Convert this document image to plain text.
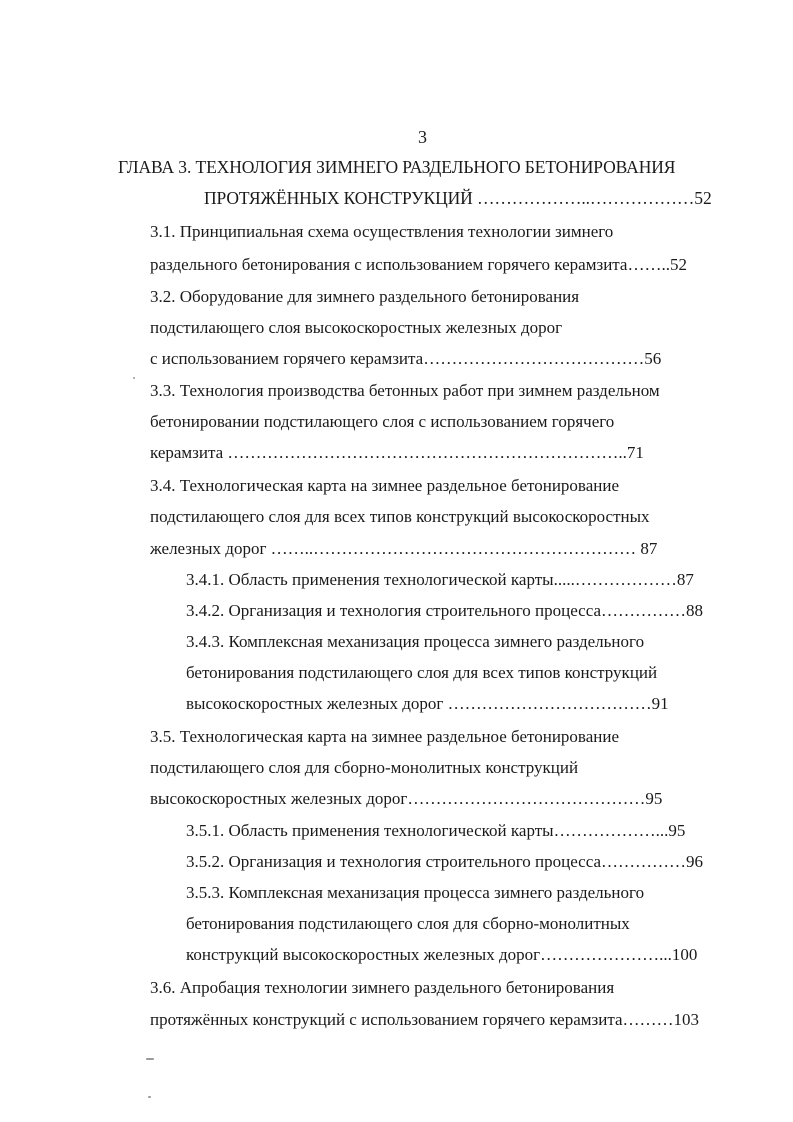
3
ГЛАВА 3. ТЕХНОЛОГИЯ ЗИМНЕГО РАЗДЕЛЬНОГО БЕТОНИРОВАНИЯ
ПРОТЯЖЁННЫХ КОНСТРУКЦИЙ ………………..………………52
3.1. Принципиальная схема осуществления технологии зимнего
раздельного бетонирования с использованием горячего керамзита……..52
3.2. Оборудование для зимнего раздельного бетонирования
подстилающего слоя высокоскоростных железных дорог
с использованием горячего керамзита…………………………………56
3.3. Технология производства бетонных работ при зимнем раздельном
бетонировании подстилающего слоя с использованием горячего
керамзита ……………………………………………………………..71
3.4. Технологическая карта на зимнее раздельное бетонирование
подстилающего слоя для всех типов конструкций высокоскоростных
железных дорог ……..………………………………………………… 87
3.4.1. Область применения технологической карты.....………………87
3.4.2. Организация и технология строительного процесса……………88
3.4.3. Комплексная механизация процесса зимнего раздельного
бетонирования подстилающего слоя для всех типов конструкций
высокоскоростных железных дорог ………………………………91
3.5. Технологическая карта на зимнее раздельное бетонирование
подстилающего слоя для сборно-монолитных конструкций
высокоскоростных железных дорог……………………………………95
3.5.1. Область применения технологической карты………………...95
3.5.2. Организация и технология строительного процесса……………96
3.5.3. Комплексная механизация процесса зимнего раздельного
бетонирования подстилающего слоя для сборно-монолитных
конструкций высокоскоростных железных дорог…………………...100
3.6. Апробация технологии зимнего раздельного бетонирования
протяжённых конструкций с использованием горячего керамзита………103
